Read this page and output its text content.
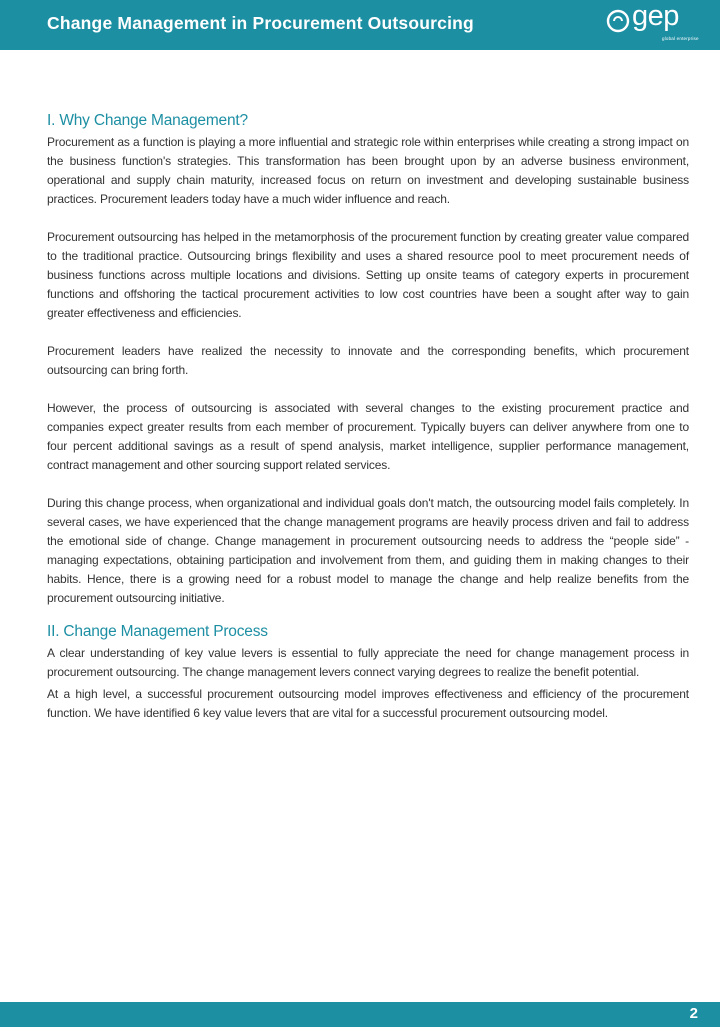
Change Management in Procurement Outsourcing	gep
global enterprise
I. Why Change Management?

Procurement as a function is playing a more influential and strategic role within enterprises while creating a strong impact on the business function's strategies. This transformation has been brought upon by an adverse business environment, operational and supply chain maturity, increased focus on return on investment and developing sustainable business practices. Procurement leaders today have a much wider influence and reach.

Procurement outsourcing has helped in the metamorphosis of the procurement function by creating greater value compared to the traditional practice. Outsourcing brings flexibility and uses a shared resource pool to meet procurement needs of business functions across multiple locations and divisions. Setting up onsite teams of category experts in procurement functions and offshoring the tactical procurement activities to low cost countries have been a sought after way to gain greater effectiveness and efficiencies.

Procurement leaders have realized the necessity to innovate and the corresponding benefits, which procurement outsourcing can bring forth.

However, the process of outsourcing is associated with several changes to the existing procurement practice and companies expect greater results from each member of procurement. Typically buyers can deliver anywhere from one to four percent additional savings as a result of spend analysis, market intelligence, supplier performance management, contract management and other sourcing support related services.

During this change process, when organizational and individual goals don't match, the outsourcing model fails completely. In several cases, we have experienced that the change management programs are heavily process driven and fail to address the emotional side of change. Change management in procurement outsourcing needs to address the “people side” - managing expectations, obtaining participation and involvement from them, and guiding them in making changes to their habits. Hence, there is a growing need for a robust model to manage the change and help realize benefits from the procurement outsourcing initiative.

II. Change Management Process

A clear understanding of key value levers is essential to fully appreciate the need for change management process in procurement outsourcing. The change management levers connect varying degrees to realize the benefit potential.

At a high level, a successful procurement outsourcing model improves effectiveness and efficiency of the procurement function. We have identified 6 key value levers that are vital for a successful procurement outsourcing model.

2
